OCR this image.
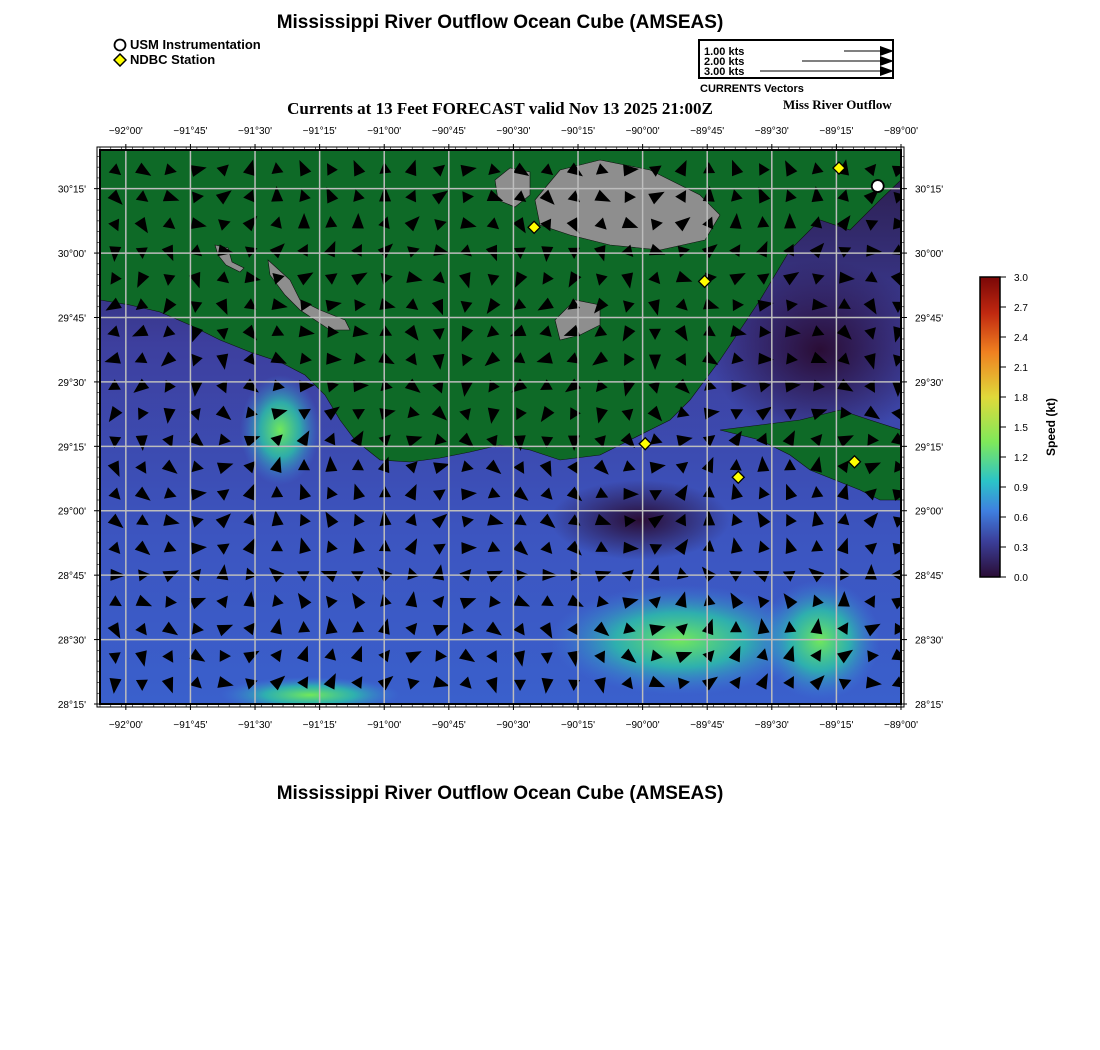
Mississippi River Outflow Ocean Cube (AMSEAS)
USM Instrumentation
NDBC Station	1.00 kts
2.00 kts
3.00 kts
CURRENTS Vectors
Currents at 13 Feet FORECAST valid Nov 13 2025 21:00Z	Miss River Outflow
−92°00'
−92°00'
−91°45'
−91°45'
−91°30'
−91°30'
−91°15'
−91°15'
−91°00'
−91°00'
−90°45'
−90°45'
−90°30'
−90°30'
−90°15'
−90°15'
−90°00'
−90°00'
−89°45'
−89°45'
−89°30'
−89°30'
−89°15'
−89°15'
−89°00'
−89°00'
30°15'	30°15'
30°00'	30°00'
29°45'	29°45'
29°30'	29°30'
29°15'	29°15'
29°00'	29°00'
28°45'	28°45'
28°30'	28°30'
28°15'	28°15'
3.0
2.7
2.4
2.1
1.8
1.5
1.2
0.9
0.6
0.3
0.0
Speed (kt)
Mississippi River Outflow Ocean Cube (AMSEAS)
